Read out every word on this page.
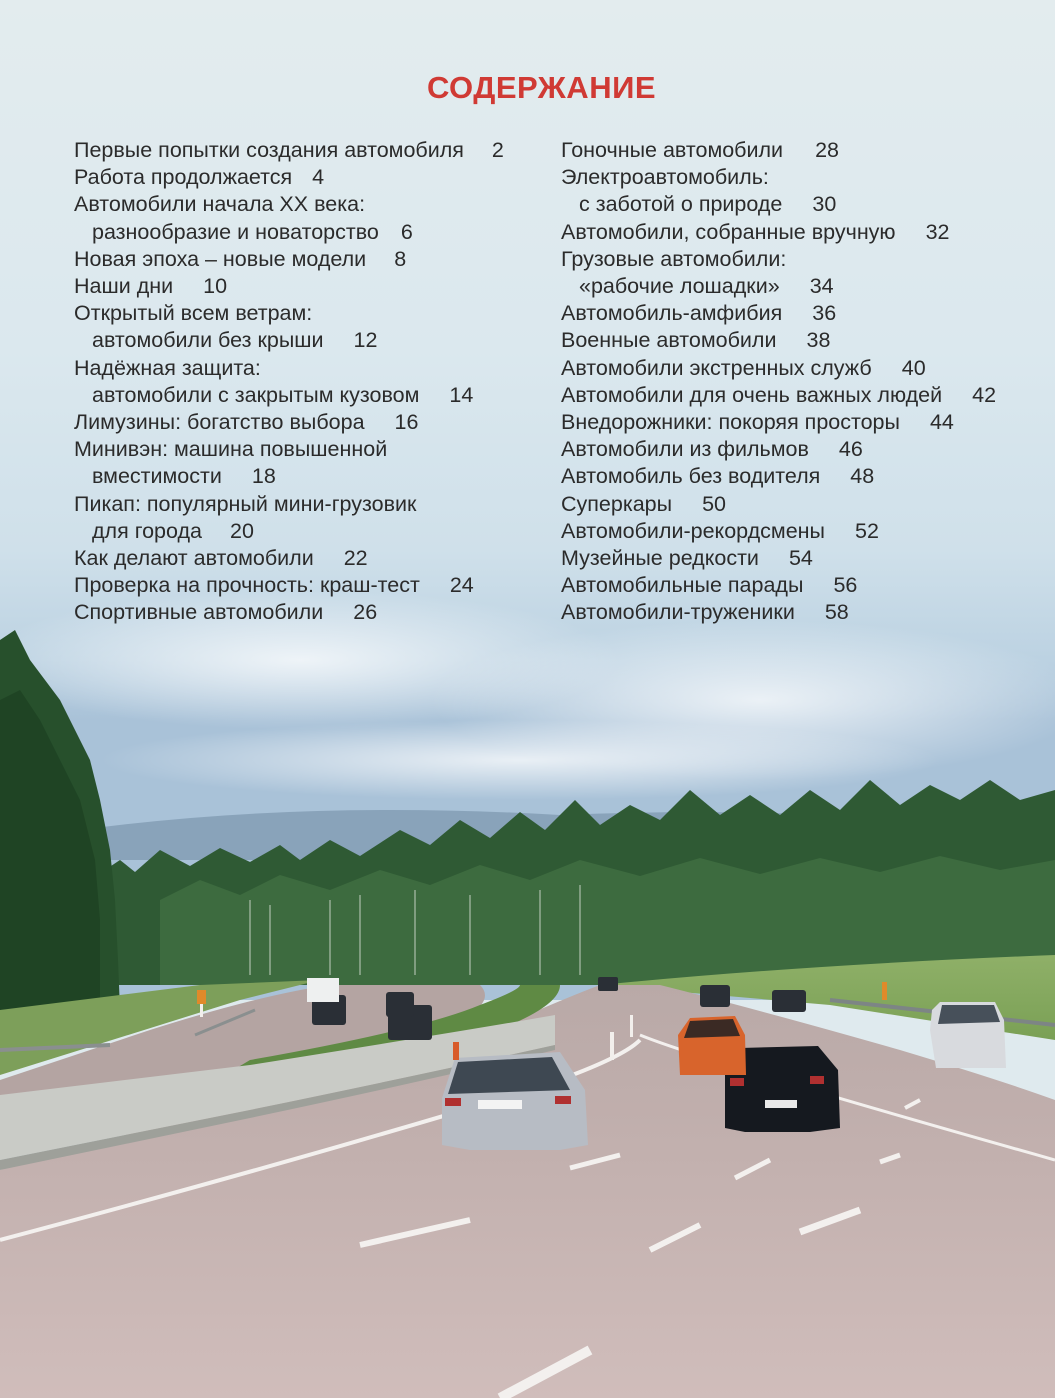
СОДЕРЖАНИЕ
Первые попытки создания автомобиля 2
Работа продолжается 4
Автомобили начала XX века:
разнообразие и новаторство 6
Новая эпоха – новые модели 8
Наши дни 10
Открытый всем ветрам:
автомобили без крыши 12
Надёжная защита:
автомобили с закрытым кузовом 14
Лимузины: богатство выбора 16
Минивэн: машина повышенной
вместимости 18
Пикап: популярный мини-грузовик
для города 20
Как делают автомобили 22
Проверка на прочность: краш-тест 24
Спортивные автомобили 26
Гоночные автомобили 28
Электроавтомобиль:
с заботой о природе 30
Автомобили, собранные вручную 32
Грузовые автомобили:
«рабочие лошадки» 34
Автомобиль-амфибия 36
Военные автомобили 38
Автомобили экстренных служб 40
Автомобили для очень важных людей 42
Внедорожники: покоряя просторы 44
Автомобили из фильмов 46
Автомобиль без водителя 48
Суперкары 50
Автомобили-рекордсмены 52
Музейные редкости 54
Автомобильные парады 56
Автомобили-труженики 58
